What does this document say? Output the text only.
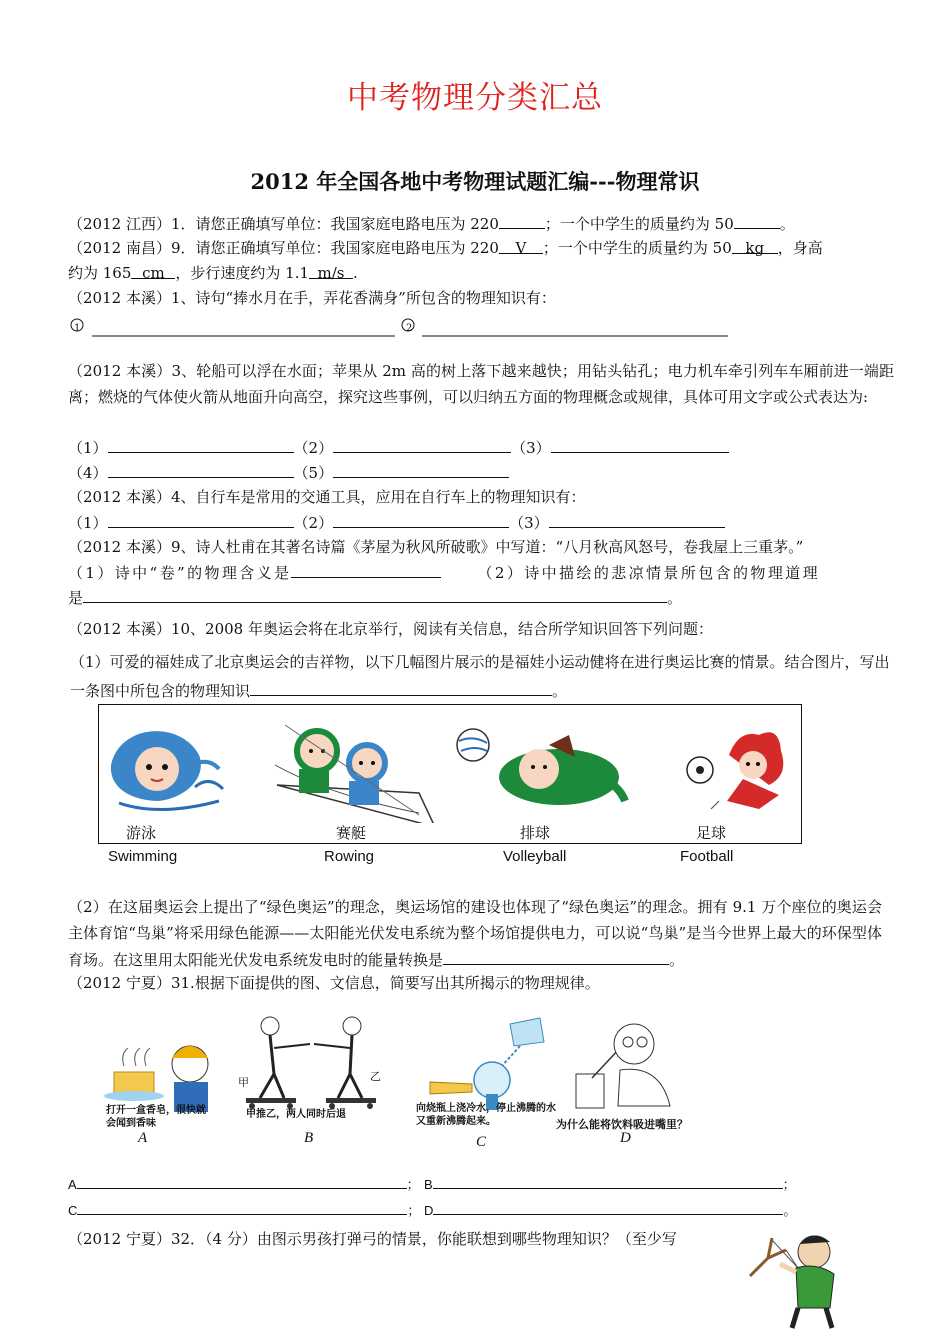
中考物理分类汇总
2012 年全国各地中考物理试题汇编---物理常识
（2012 江西）1．请您正确填写单位：我国家庭电路电压为 220	；一个中学生的质量约为 50	。
（2012 南昌）9．请您正确填写单位：我国家庭电路电压为 220 V ；一个中学生的质量约为 50 kg ，身高
约为 165 cm ，步行速度约为 1.1 m/s .
（2012 本溪）1、诗句“捧水月在手，弄花香满身”所包含的物理知识有：
1	2
（2012 本溪）3、轮船可以浮在水面；苹果从 2m 高的树上落下越来越快；用钻头钻孔；电力机车牵引列车车厢前进一端距离；燃烧的气体使火箭从地面升向高空，探究这些事例，可以归纳五方面的物理概念或规律，具体可用文字或公式表达为:
（1）	（2）	（3）
（4）	（5）
（2012 本溪）4、自行车是常用的交通工具，应用在自行车上的物理知识有：
（1）	（2）	（3）
（2012 本溪）9、诗人杜甫在其著名诗篇《茅屋为秋风所破歌》中写道：“八月秋高风怒号，卷我屋上三重茅。”
（1）诗中“卷”的物理含义是	（2）诗中描绘的悲凉情景所包含的物理道理
是	。
（2012 本溪）10、2008 年奥运会将在北京举行，阅读有关信息，结合所学知识回答下列问题：
（1）可爱的福娃成了北京奥运会的吉祥物，以下几幅图片展示的是福娃小运动健将在进行奥运比赛的情景。结合图片，写出一条图中所包含的物理知识	。
游泳	赛艇	排球	足球
Swimming	Rowing	Volleyball	Football
（2）在这届奥运会上提出了“绿色奥运”的理念，奥运场馆的建设也体现了“绿色奥运”的理念。拥有 9.1 万个座位的奥运会主体育馆“鸟巢”将采用绿色能源——太阳能光伏发电系统为整个场馆提供电力，可以说“鸟巢”是当今世界上最大的环保型体育场。在这里用太阳能光伏发电系统发电时的能量转换是	。
（2012 宁夏）31.根据下面提供的图、文信息，简要写出其所揭示的物理规律。
打开一盒香皂，很快就会闻到香味
甲推乙，两人同时后退
甲	乙
向烧瓶上浇冷水，停止沸腾的水又重新沸腾起来。	为什么能将饮料吸进嘴里？
A	B	C	D
A	； B	；
C	； D	。
（2012 宁夏）32．（4 分）由图示男孩打弹弓的情景，你能联想到哪些物理知识？（至少写
